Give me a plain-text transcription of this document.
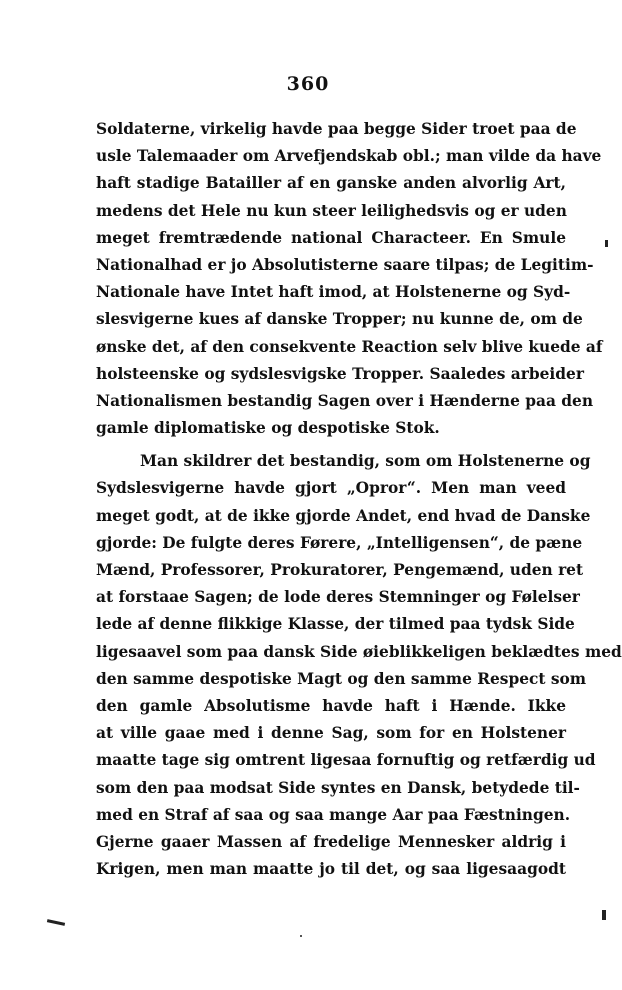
360
Soldaterne, virkelig havde paa begge Sider troet paa de
usle Talemaader om Arvefjendskab obl.; man vilde da have
haft stadige Batailler af en ganske anden alvorlig Art,
medens det Hele nu kun steer leilighedsvis og er uden
meget fremtrædende national Characteer. En Smule
Nationalhad er jo Absolutisterne saare tilpas; de Legitim-
Nationale have Intet haft imod, at Holstenerne og Syd-
slesvigerne kues af danske Tropper; nu kunne de, om de
ønske det, af den consekvente Reaction selv blive kuede af
holsteenske og sydslesvigske Tropper. Saaledes arbeider
Nationalismen bestandig Sagen over i Hænderne paa den
gamle diplomatiske og despotiske Stok.
Man skildrer det bestandig, som om Holstenerne og
Sydslesvigerne havde gjort „Opror“. Men man veed
meget godt, at de ikke gjorde Andet, end hvad de Danske
gjorde: De fulgte deres Førere, „Intelligensen“, de pæne
Mænd, Professorer, Prokuratorer, Pengemænd, uden ret
at forstaae Sagen; de lode deres Stemninger og Følelser
lede af denne flikkige Klasse, der tilmed paa tydsk Side
ligesaavel som paa dansk Side øieblikkeligen beklædtes med
den samme despotiske Magt og den samme Respect som
den gamle Absolutisme havde haft i Hænde. Ikke
at ville gaae med i denne Sag, som for en Holstener
maatte tage sig omtrent ligesaa fornuftig og retfærdig ud
som den paa modsat Side syntes en Dansk, betydede til-
med en Straf af saa og saa mange Aar paa Fæstningen.
Gjerne gaaer Massen af fredelige Mennesker aldrig i
Krigen, men man maatte jo til det, og saa ligesaagodt
